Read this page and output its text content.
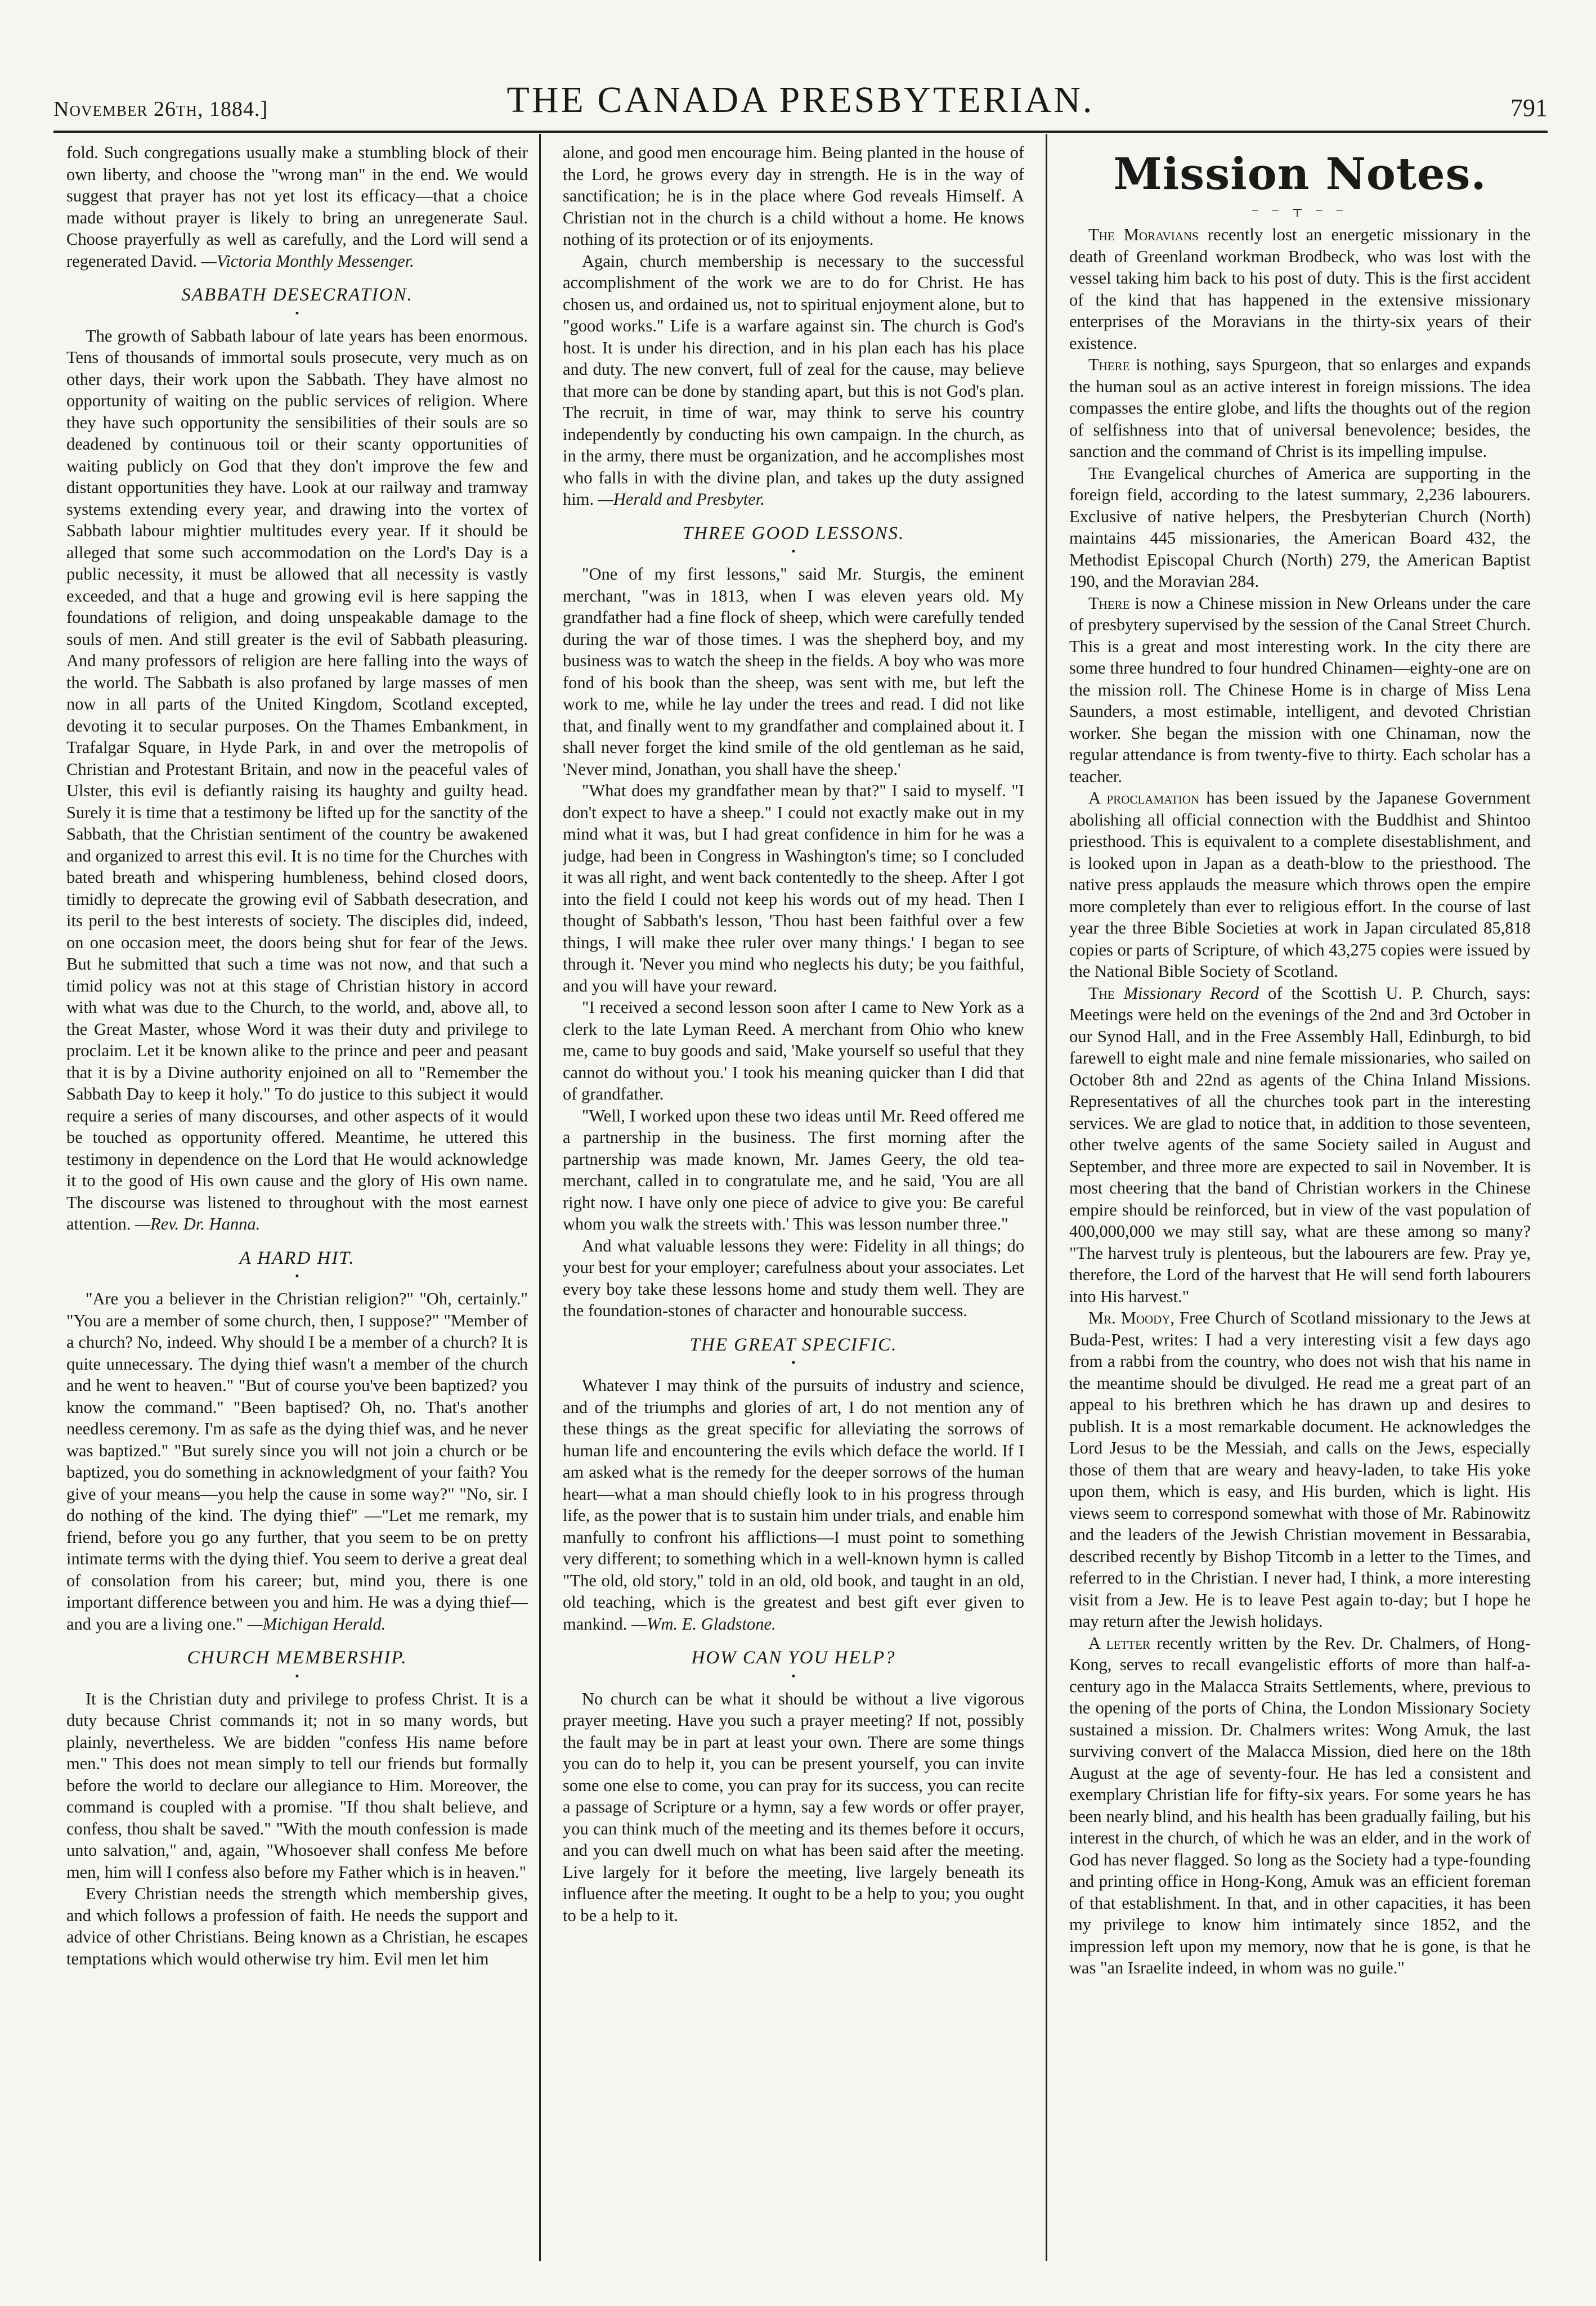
November 26th, 1884.]	THE CANADA PRESBYTERIAN.	791

fold. Such congregations usually make a stumbling block of their own liberty, and choose the "wrong man" in the end. We would suggest that prayer has not yet lost its efficacy—that a choice made without prayer is likely to bring an unregenerate Saul. Choose prayerfully as well as carefully, and the Lord will send a regenerated David. —Victoria Monthly Messenger.

SABBATH DESECRATION.
▪

The growth of Sabbath labour of late years has been enormous. Tens of thousands of immortal souls prosecute, very much as on other days, their work upon the Sabbath. They have almost no opportunity of waiting on the public services of religion. Where they have such opportunity the sensibilities of their souls are so deadened by continuous toil or their scanty opportunities of waiting publicly on God that they don't improve the few and distant opportunities they have. Look at our railway and tramway systems extending every year, and drawing into the vortex of Sabbath labour mightier multitudes every year. If it should be alleged that some such accommodation on the Lord's Day is a public necessity, it must be allowed that all necessity is vastly exceeded, and that a huge and growing evil is here sapping the foundations of religion, and doing unspeakable damage to the souls of men. And still greater is the evil of Sabbath pleasuring. And many professors of religion are here falling into the ways of the world. The Sabbath is also profaned by large masses of men now in all parts of the United Kingdom, Scotland excepted, devoting it to secular purposes. On the Thames Embankment, in Trafalgar Square, in Hyde Park, in and over the metropolis of Christian and Protestant Britain, and now in the peaceful vales of Ulster, this evil is defiantly raising its haughty and guilty head. Surely it is time that a testimony be lifted up for the sanctity of the Sabbath, that the Christian sentiment of the country be awakened and organized to arrest this evil. It is no time for the Churches with bated breath and whispering humbleness, behind closed doors, timidly to deprecate the growing evil of Sabbath desecration, and its peril to the best interests of society. The disciples did, indeed, on one occasion meet, the doors being shut for fear of the Jews. But he submitted that such a time was not now, and that such a timid policy was not at this stage of Christian history in accord with what was due to the Church, to the world, and, above all, to the Great Master, whose Word it was their duty and privilege to proclaim. Let it be known alike to the prince and peer and peasant that it is by a Divine authority enjoined on all to "Remember the Sabbath Day to keep it holy." To do justice to this subject it would require a series of many discourses, and other aspects of it would be touched as opportunity offered. Meantime, he uttered this testimony in dependence on the Lord that He would acknowledge it to the good of His own cause and the glory of His own name. The discourse was listened to throughout with the most earnest attention. —Rev. Dr. Hanna.

A HARD HIT.
▪

"Are you a believer in the Christian religion?" "Oh, certainly." "You are a member of some church, then, I suppose?" "Member of a church? No, indeed. Why should I be a member of a church? It is quite unnecessary. The dying thief wasn't a member of the church and he went to heaven." "But of course you've been baptized? you know the command." "Been baptised? Oh, no. That's another needless ceremony. I'm as safe as the dying thief was, and he never was baptized." "But surely since you will not join a church or be baptized, you do something in acknowledgment of your faith? You give of your means—you help the cause in some way?" "No, sir. I do nothing of the kind. The dying thief" —"Let me remark, my friend, before you go any further, that you seem to be on pretty intimate terms with the dying thief. You seem to derive a great deal of consolation from his career; but, mind you, there is one important difference between you and him. He was a dying thief—and you are a living one." —Michigan Herald.

CHURCH MEMBERSHIP.
▪

It is the Christian duty and privilege to profess Christ. It is a duty because Christ commands it; not in so many words, but plainly, nevertheless. We are bidden "confess His name before men." This does not mean simply to tell our friends but formally before the world to declare our allegiance to Him. Moreover, the command is coupled with a promise. "If thou shalt believe, and confess, thou shalt be saved." "With the mouth confession is made unto salvation," and, again, "Whosoever shall confess Me before men, him will I confess also before my Father which is in heaven."

Every Christian needs the strength which membership gives, and which follows a profession of faith. He needs the support and advice of other Christians. Being known as a Christian, he escapes temptations which would otherwise try him. Evil men let him

alone, and good men encourage him. Being planted in the house of the Lord, he grows every day in strength. He is in the way of sanctification; he is in the place where God reveals Himself. A Christian not in the church is a child without a home. He knows nothing of its protection or of its enjoyments.

Again, church membership is necessary to the successful accomplishment of the work we are to do for Christ. He has chosen us, and ordained us, not to spiritual enjoyment alone, but to "good works." Life is a warfare against sin. The church is God's host. It is under his direction, and in his plan each has his place and duty. The new convert, full of zeal for the cause, may believe that more can be done by standing apart, but this is not God's plan. The recruit, in time of war, may think to serve his country independently by conducting his own campaign. In the church, as in the army, there must be organization, and he accomplishes most who falls in with the divine plan, and takes up the duty assigned him. —Herald and Presbyter.

THREE GOOD LESSONS.
▪

"One of my first lessons," said Mr. Sturgis, the eminent merchant, "was in 1813, when I was eleven years old. My grandfather had a fine flock of sheep, which were carefully tended during the war of those times. I was the shepherd boy, and my business was to watch the sheep in the fields. A boy who was more fond of his book than the sheep, was sent with me, but left the work to me, while he lay under the trees and read. I did not like that, and finally went to my grandfather and complained about it. I shall never forget the kind smile of the old gentleman as he said, 'Never mind, Jonathan, you shall have the sheep.'

"What does my grandfather mean by that?" I said to myself. "I don't expect to have a sheep." I could not exactly make out in my mind what it was, but I had great confidence in him for he was a judge, had been in Congress in Washington's time; so I concluded it was all right, and went back contentedly to the sheep. After I got into the field I could not keep his words out of my head. Then I thought of Sabbath's lesson, 'Thou hast been faithful over a few things, I will make thee ruler over many things.' I began to see through it. 'Never you mind who neglects his duty; be you faithful, and you will have your reward.

"I received a second lesson soon after I came to New York as a clerk to the late Lyman Reed. A merchant from Ohio who knew me, came to buy goods and said, 'Make yourself so useful that they cannot do without you.' I took his meaning quicker than I did that of grandfather.

"Well, I worked upon these two ideas until Mr. Reed offered me a partnership in the business. The first morning after the partnership was made known, Mr. James Geery, the old tea-merchant, called in to congratulate me, and he said, 'You are all right now. I have only one piece of advice to give you: Be careful whom you walk the streets with.' This was lesson number three."

And what valuable lessons they were: Fidelity in all things; do your best for your employer; carefulness about your associates. Let every boy take these lessons home and study them well. They are the foundation-stones of character and honourable success.

THE GREAT SPECIFIC.
▪

Whatever I may think of the pursuits of industry and science, and of the triumphs and glories of art, I do not mention any of these things as the great specific for alleviating the sorrows of human life and encountering the evils which deface the world. If I am asked what is the remedy for the deeper sorrows of the human heart—what a man should chiefly look to in his progress through life, as the power that is to sustain him under trials, and enable him manfully to confront his afflictions—I must point to something very different; to something which in a well-known hymn is called "The old, old story," told in an old, old book, and taught in an old, old teaching, which is the greatest and best gift ever given to mankind. —Wm. E. Gladstone.

HOW CAN YOU HELP?
▪

No church can be what it should be without a live vigorous prayer meeting. Have you such a prayer meeting? If not, possibly the fault may be in part at least your own. There are some things you can do to help it, you can be present yourself, you can invite some one else to come, you can pray for its success, you can recite a passage of Scripture or a hymn, say a few words or offer prayer, you can think much of the meeting and its themes before it occurs, and you can dwell much on what has been said after the meeting. Live largely for it before the meeting, live largely beneath its influence after the meeting. It ought to be a help to you; you ought to be a help to it.

Mission Notes.
– – ┬ – –

The Moravians recently lost an energetic missionary in the death of Greenland workman Brodbeck, who was lost with the vessel taking him back to his post of duty. This is the first accident of the kind that has happened in the extensive missionary enterprises of the Moravians in the thirty-six years of their existence.

There is nothing, says Spurgeon, that so enlarges and expands the human soul as an active interest in foreign missions. The idea compasses the entire globe, and lifts the thoughts out of the region of selfishness into that of universal benevolence; besides, the sanction and the command of Christ is its impelling impulse.

The Evangelical churches of America are supporting in the foreign field, according to the latest summary, 2,236 labourers. Exclusive of native helpers, the Presbyterian Church (North) maintains 445 missionaries, the American Board 432, the Methodist Episcopal Church (North) 279, the American Baptist 190, and the Moravian 284.

There is now a Chinese mission in New Orleans under the care of presbytery supervised by the session of the Canal Street Church. This is a great and most interesting work. In the city there are some three hundred to four hundred Chinamen—eighty-one are on the mission roll. The Chinese Home is in charge of Miss Lena Saunders, a most estimable, intelligent, and devoted Christian worker. She began the mission with one Chinaman, now the regular attendance is from twenty-five to thirty. Each scholar has a teacher.

A proclamation has been issued by the Japanese Government abolishing all official connection with the Buddhist and Shintoo priesthood. This is equivalent to a complete disestablishment, and is looked upon in Japan as a death-blow to the priesthood. The native press applauds the measure which throws open the empire more completely than ever to religious effort. In the course of last year the three Bible Societies at work in Japan circulated 85,818 copies or parts of Scripture, of which 43,275 copies were issued by the National Bible Society of Scotland.

The Missionary Record of the Scottish U. P. Church, says: Meetings were held on the evenings of the 2nd and 3rd October in our Synod Hall, and in the Free Assembly Hall, Edinburgh, to bid farewell to eight male and nine female missionaries, who sailed on October 8th and 22nd as agents of the China Inland Missions. Representatives of all the churches took part in the interesting services. We are glad to notice that, in addition to those seventeen, other twelve agents of the same Society sailed in August and September, and three more are expected to sail in November. It is most cheering that the band of Christian workers in the Chinese empire should be reinforced, but in view of the vast population of 400,000,000 we may still say, what are these among so many? "The harvest truly is plenteous, but the labourers are few. Pray ye, therefore, the Lord of the harvest that He will send forth labourers into His harvest."

Mr. Moody, Free Church of Scotland missionary to the Jews at Buda-Pest, writes: I had a very interesting visit a few days ago from a rabbi from the country, who does not wish that his name in the meantime should be divulged. He read me a great part of an appeal to his brethren which he has drawn up and desires to publish. It is a most remarkable document. He acknowledges the Lord Jesus to be the Messiah, and calls on the Jews, especially those of them that are weary and heavy-laden, to take His yoke upon them, which is easy, and His burden, which is light. His views seem to correspond somewhat with those of Mr. Rabinowitz and the leaders of the Jewish Christian movement in Bessarabia, described recently by Bishop Titcomb in a letter to the Times, and referred to in the Christian. I never had, I think, a more interesting visit from a Jew. He is to leave Pest again to-day; but I hope he may return after the Jewish holidays.

A letter recently written by the Rev. Dr. Chalmers, of Hong-Kong, serves to recall evangelistic efforts of more than half-a-century ago in the Malacca Straits Settlements, where, previous to the opening of the ports of China, the London Missionary Society sustained a mission. Dr. Chalmers writes: Wong Amuk, the last surviving convert of the Malacca Mission, died here on the 18th August at the age of seventy-four. He has led a consistent and exemplary Christian life for fifty-six years. For some years he has been nearly blind, and his health has been gradually failing, but his interest in the church, of which he was an elder, and in the work of God has never flagged. So long as the Society had a type-founding and printing office in Hong-Kong, Amuk was an efficient foreman of that establishment. In that, and in other capacities, it has been my privilege to know him intimately since 1852, and the impression left upon my memory, now that he is gone, is that he was "an Israelite indeed, in whom was no guile."
